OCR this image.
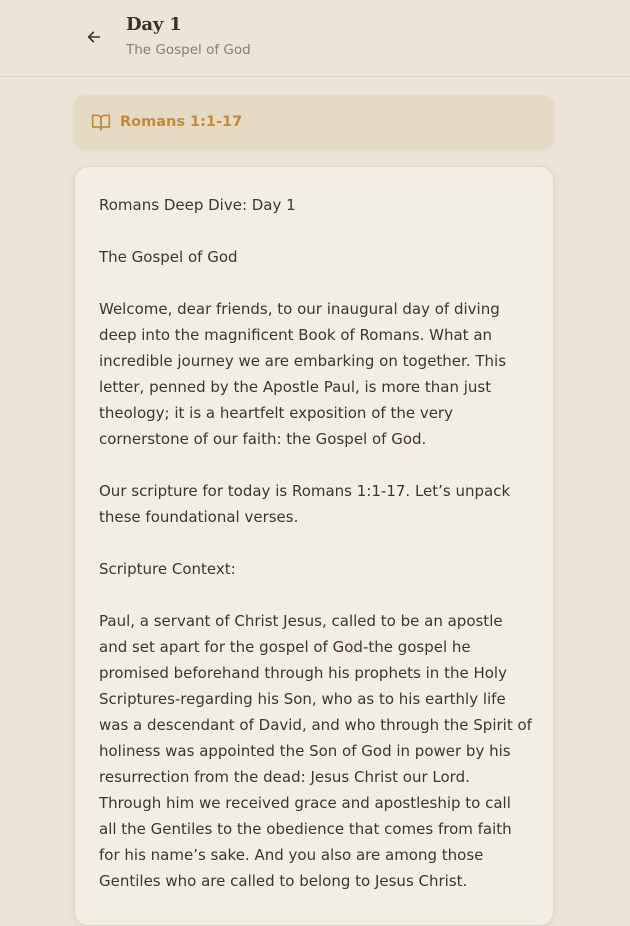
Day 1
The Gospel of God
Romans 1:1-17

Romans Deep Dive: Day 1

The Gospel of God

Welcome, dear friends, to our inaugural day of diving deep into the magnificent Book of Romans. What an incredible journey we are embarking on together. This letter, penned by the Apostle Paul, is more than just theology; it is a heartfelt exposition of the very cornerstone of our faith: the Gospel of God.

Our scripture for today is Romans 1:1-17. Let’s unpack these foundational verses.

Scripture Context:

Paul, a servant of Christ Jesus, called to be an apostle and set apart for the gospel of God-the gospel he promised beforehand through his prophets in the Holy Scriptures-regarding his Son, who as to his earthly life was a descendant of David, and who through the Spirit of holiness was appointed the Son of God in power by his resurrection from the dead: Jesus Christ our Lord. Through him we received grace and apostleship to call all the Gentiles to the obedience that comes from faith for his name’s sake. And you also are among those Gentiles who are called to belong to Jesus Christ.
